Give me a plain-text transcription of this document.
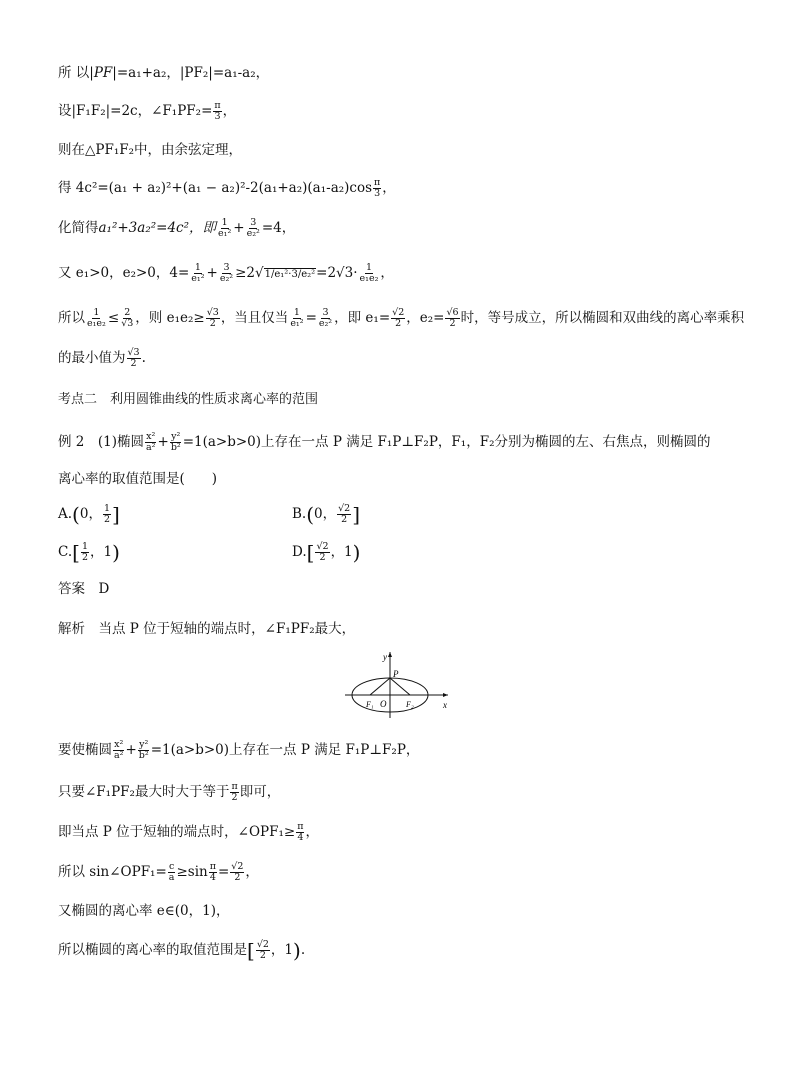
所 以|PF|=a₁+a₂，|PF₂|=a₁-a₂，
设|F₁F₂|=2c，∠F₁PF₂= $\frac{\pi}{3}$ ，
则在△PF₁F₂中，由余弦定理，
得 $4c^2=(a_1 + a_2)^2+(a_1 - a_2)^2-2(a_1+a_2)(a_1-a_2)\cos \frac{\pi}{3}$ ，
化简得a₁²+3a₂²=4c²，即 $\frac{1}{\text{e₁²}} + \frac{3}{\text{e₂²}} =4$，
又 e₁>0，e₂>0，$4= \frac{1}{\text{e₁²}} + \frac{3}{\text{e₂²}} \ge 2√1/e_1^2\cdot 3/e_2^2=2√3\cdot \frac{1}{\text{e₁e₂}}$ ，
所以 $\frac{1}{\text{e₁e₂}} \le \frac{2}{√3}$ ，则 $e_1e_2\ge \frac{√3}{2}$ ，当且仅当 $\frac{1}{\text{e₁²}} = \frac{3}{\text{e₂²}}$ ，即 $e_1= \frac{√2}{2}$ ，$e_2= \frac{√6}{2}$ 时，等号成立，所以椭圆和双曲线的离心率乘积
的最小值为 $\frac{√3}{2}$ .
考点二　利用圆锥曲线的性质求离心率的范围
例 2　(1)椭圆 $\frac{\text{x²}}{\text{a²}} + \frac{\text{y²}}{\text{b²}} =1(a>b>0)$上存在一点 P 满足 F₁P⊥F₂P，F₁，F₂分别为椭圆的左、右焦点，则椭圆的
离心率的取值范围是(　　)
A.(0， $\frac{1}{2}$ ]	B.(0， $\frac{√2}{2}$ ]
$C.[ \frac{1}{2}$ ，1)	$D.[ \frac{√2}{2}$ ，1)
答案　D
解析　当点 P 位于短轴的端点时，∠F₁PF₂最大，
y
x
P
O
F₁	F₂
要使椭圆 $\frac{\text{x²}}{\text{a²}} + \frac{\text{y²}}{\text{b²}} =1(a>b>0)$上存在一点 P 满足 F₁P⊥F₂P，
只要∠F₁PF₂最大时大于等于 $\frac{\pi}{2}$ 即可，
即当点 P 位于短轴的端点时，∠OPF₁≥ $\frac{\pi}{4}$ ，
所以 sin∠OPF₁= $\frac{c}{a} \ge\sin \frac{\pi}{4} = \frac{√2}{2}$ ，
又椭圆的离心率 e∈(0，1)，
所以椭圆的离心率的取值范围是[ $\frac{√2}{2}$ ，1).
